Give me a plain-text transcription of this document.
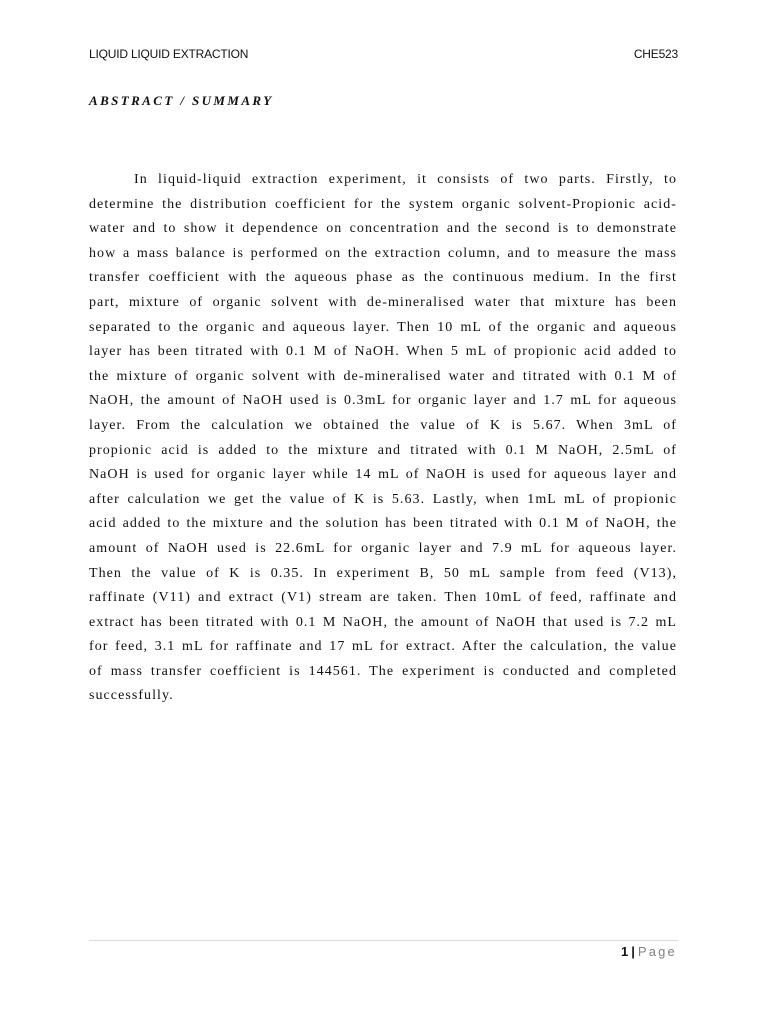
LIQUID LIQUID EXTRACTION	CHE523
ABSTRACT / SUMMARY

In liquid-liquid extraction experiment, it consists of two parts. Firstly, to determine the distribution coefficient for the system organic solvent-Propionic acid-water and to show it dependence on concentration and the second is to demonstrate how a mass balance is performed on the extraction column, and to measure the mass transfer coefficient with the aqueous phase as the continuous medium. In the first part, mixture of organic solvent with de-mineralised water that mixture has been separated to the organic and aqueous layer. Then 10 mL of the organic and aqueous layer has been titrated with 0.1 M of NaOH. When 5 mL of propionic acid added to the mixture of organic solvent with de-mineralised water and titrated with 0.1 M of NaOH, the amount of NaOH used is 0.3mL for organic layer and 1.7 mL for aqueous layer. From the calculation we obtained the value of K is 5.67. When 3mL of propionic acid is added to the mixture and titrated with 0.1 M NaOH, 2.5mL of NaOH is used for organic layer while 14 mL of NaOH is used for aqueous layer and after calculation we get the value of K is 5.63. Lastly, when 1mL mL of propionic acid added to the mixture and the solution has been titrated with 0.1 M of NaOH, the amount of NaOH used is 22.6mL for organic layer and 7.9 mL for aqueous layer. Then the value of K is 0.35. In experiment B, 50 mL sample from feed (V13), raffinate (V11) and extract (V1) stream are taken. Then 10mL of feed, raffinate and extract has been titrated with 0.1 M NaOH, the amount of NaOH that used is 7.2 mL for feed, 3.1 mL for raffinate and 17 mL for extract. After the calculation, the value of mass transfer coefficient is 144561. The experiment is conducted and completed successfully.

1 | Page
